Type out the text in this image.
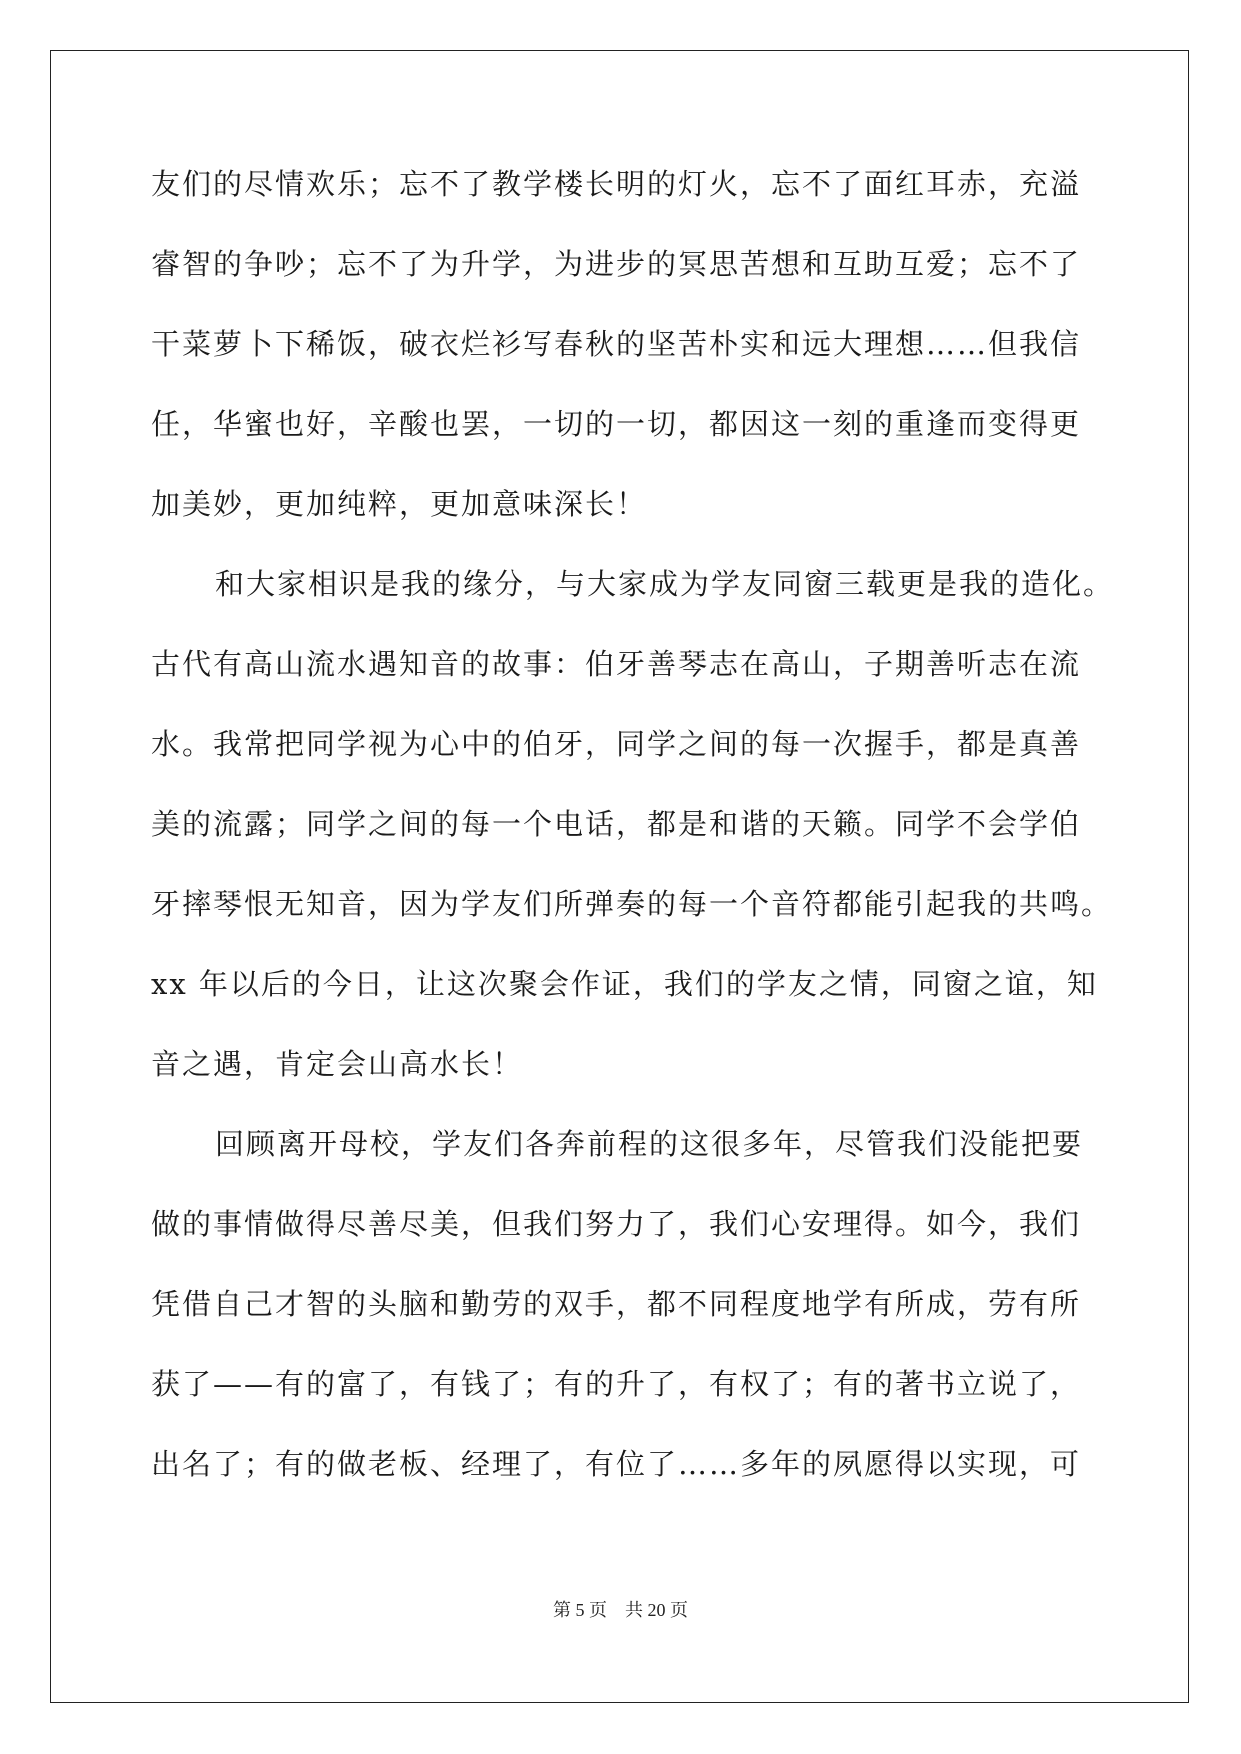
友们的尽情欢乐；忘不了教学楼长明的灯火，忘不了面红耳赤，充溢
睿智的争吵；忘不了为升学，为进步的冥思苦想和互助互爱；忘不了
干菜萝卜下稀饭，破衣烂衫写春秋的坚苦朴实和远大理想……但我信
任，华蜜也好，辛酸也罢，一切的一切，都因这一刻的重逢而变得更
加美妙，更加纯粹，更加意味深长！
和大家相识是我的缘分，与大家成为学友同窗三载更是我的造化。
古代有高山流水遇知音的故事：伯牙善琴志在高山，子期善听志在流
水。我常把同学视为心中的伯牙，同学之间的每一次握手，都是真善
美的流露；同学之间的每一个电话，都是和谐的天籁。同学不会学伯
牙摔琴恨无知音，因为学友们所弹奏的每一个音符都能引起我的共鸣。
xx 年以后的今日，让这次聚会作证，我们的学友之情，同窗之谊，知
音之遇，肯定会山高水长！
回顾离开母校，学友们各奔前程的这很多年，尽管我们没能把要
做的事情做得尽善尽美，但我们努力了，我们心安理得。如今，我们
凭借自己才智的头脑和勤劳的双手，都不同程度地学有所成，劳有所
获了——有的富了，有钱了；有的升了，有权了；有的著书立说了，
出名了；有的做老板、经理了，有位了……多年的夙愿得以实现，可
第 5 页　共 20 页
